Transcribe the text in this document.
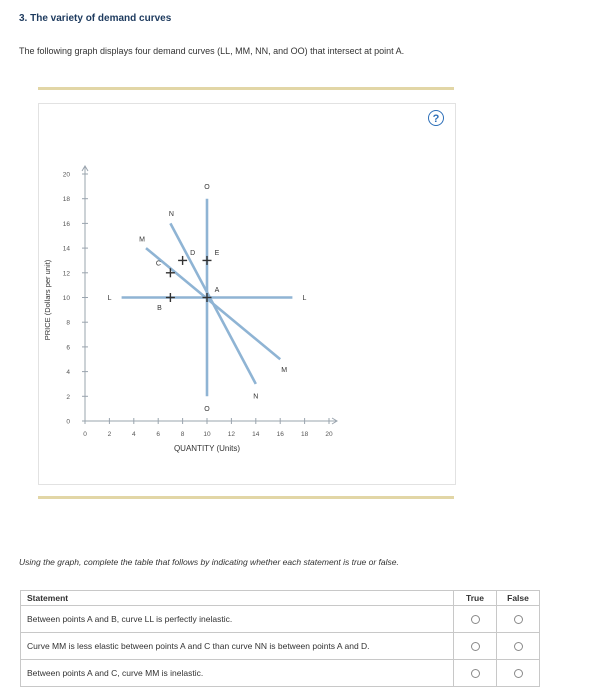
3. The variety of demand curves
The following graph displays four demand curves (LL, MM, NN, and OO) that intersect at point A.
?
0	2	4	6	8	10	12	14	16	18	20
0
2
4
6
8
10
12
14
16
18
20
L	L
M
M
N
N
O
O
A
B
C
D	E
QUANTITY (Units)
PRICE (Dollars per unit)
Using the graph, complete the table that follows by indicating whether each statement is true or false.
Statement	True	False
Between points A and B, curve LL is perfectly inelastic.		
Curve MM is less elastic between points A and C than curve NN is between points A and D.		
Between points A and C, curve MM is inelastic.		
